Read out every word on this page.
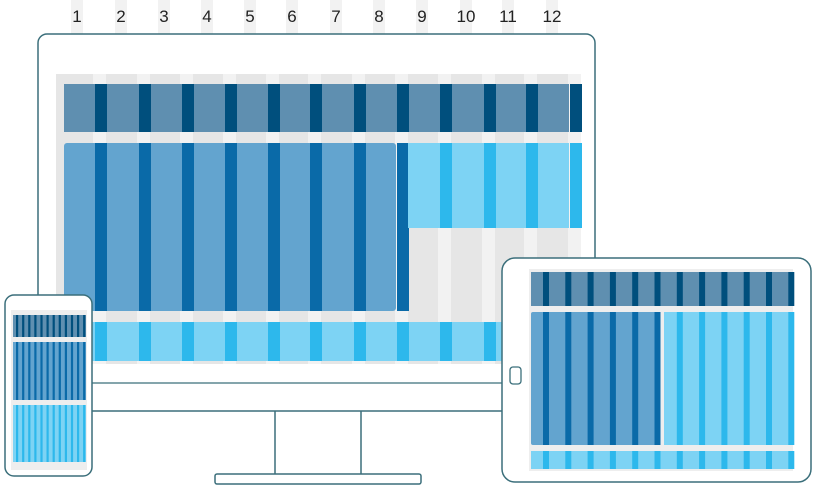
1	2	3	4	5	6	7	8	9	10	11	12
